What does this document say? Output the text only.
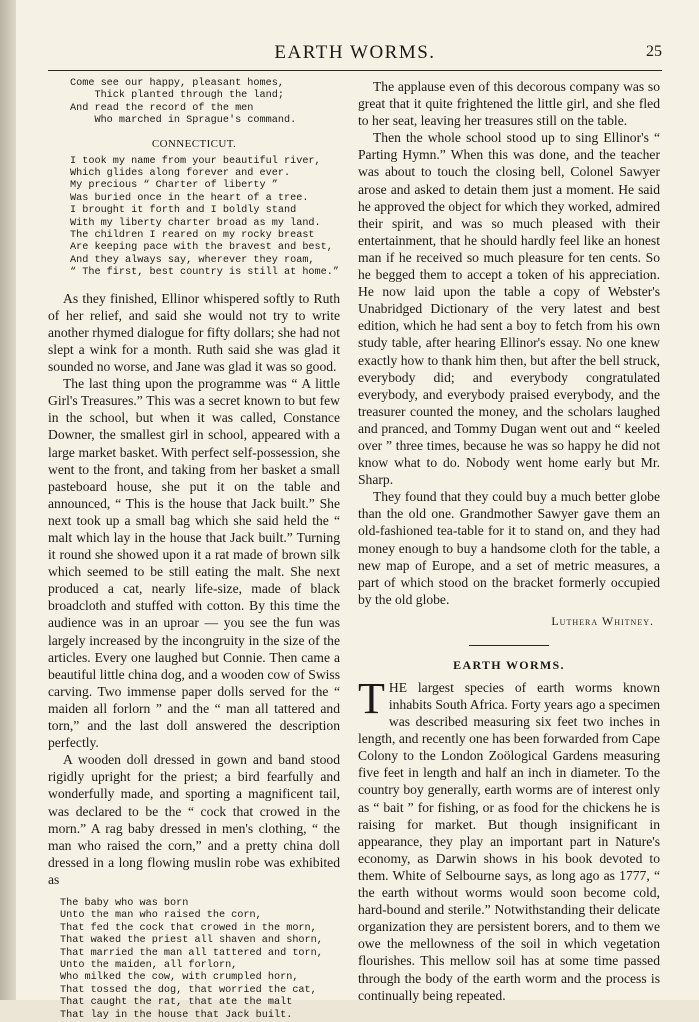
EARTH WORMS.	25
Come see our happy, pleasant homes,
Thick planted through the land;
And read the record of the men
Who marched in Sprague's command.
CONNECTICUT.
I took my name from your beautiful river,
Which glides along forever and ever.
My precious “ Charter of liberty ”
Was buried once in the heart of a tree.
I brought it forth and I boldly stand
With my liberty charter broad as my land.
The children I reared on my rocky breast
Are keeping pace with the bravest and best,
And they always say, wherever they roam,
“ The first, best country is still at home.”

As they finished, Ellinor whispered softly to Ruth of her relief, and said she would not try to write another rhymed dialogue for fifty dollars; she had not slept a wink for a month. Ruth said she was glad it sounded no worse, and Jane was glad it was so good.

The last thing upon the programme was “ A little Girl's Treasures.” This was a secret known to but few in the school, but when it was called, Constance Downer, the smallest girl in school, appeared with a large market basket. With perfect self-possession, she went to the front, and taking from her basket a small pasteboard house, she put it on the table and announced, “ This is the house that Jack built.” She next took up a small bag which she said held the “ malt which lay in the house that Jack built.” Turning it round she showed upon it a rat made of brown silk which seemed to be still eating the malt. She next produced a cat, nearly life-size, made of black broadcloth and stuffed with cotton. By this time the audience was in an uproar — you see the fun was largely increased by the incongruity in the size of the articles. Every one laughed but Connie. Then came a beautiful little china dog, and a wooden cow of Swiss carving. Two immense paper dolls served for the “ maiden all forlorn ” and the “ man all tattered and torn,” and the last doll answered the description perfectly.

A wooden doll dressed in gown and band stood rigidly upright for the priest; a bird fearfully and wonderfully made, and sporting a magnificent tail, was declared to be the “ cock that crowed in the morn.” A rag baby dressed in men's clothing, “ the man who raised the corn,” and a pretty china doll dressed in a long flowing muslin robe was exhibited as

The baby who was born
Unto the man who raised the corn,
That fed the cock that crowed in the morn,
That waked the priest all shaven and shorn,
That married the man all tattered and torn,
Unto the maiden, all forlorn,
Who milked the cow, with crumpled horn,
That tossed the dog, that worried the cat,
That caught the rat, that ate the malt
That lay in the house that Jack built.

The applause even of this decorous company was so great that it quite frightened the little girl, and she fled to her seat, leaving her treasures still on the table.

Then the whole school stood up to sing Ellinor's “ Parting Hymn.” When this was done, and the teacher was about to touch the closing bell, Colonel Sawyer arose and asked to detain them just a moment. He said he approved the object for which they worked, admired their spirit, and was so much pleased with their entertainment, that he should hardly feel like an honest man if he received so much pleasure for ten cents. So he begged them to accept a token of his appreciation. He now laid upon the table a copy of Webster's Unabridged Dictionary of the very latest and best edition, which he had sent a boy to fetch from his own study table, after hearing Ellinor's essay. No one knew exactly how to thank him then, but after the bell struck, everybody did; and everybody congratulated everybody, and everybody praised everybody, and the treasurer counted the money, and the scholars laughed and pranced, and Tommy Dugan went out and “ keeled over ” three times, because he was so happy he did not know what to do. Nobody went home early but Mr. Sharp.

They found that they could buy a much better globe than the old one. Grandmother Sawyer gave them an old-fashioned tea-table for it to stand on, and they had money enough to buy a handsome cloth for the table, a new map of Europe, and a set of metric measures, a part of which stood on the bracket formerly occupied by the old globe.

Luthera Whitney.
EARTH WORMS.
T HE largest species of earth worms known inhabits South Africa. Forty years ago a specimen was described measuring six feet two inches in length, and recently one has been forwarded from Cape Colony to the London Zoölogical Gardens measuring five feet in length and half an inch in diameter. To the country boy generally, earth worms are of interest only as “ bait ” for fishing, or as food for the chickens he is raising for market. But though insignificant in appearance, they play an important part in Nature's economy, as Darwin shows in his book devoted to them. White of Selbourne says, as long ago as 1777, “ the earth without worms would soon become cold, hard-bound and sterile.” Notwithstanding their delicate organization they are persistent borers, and to them we owe the mellowness of the soil in which vegetation flourishes. This mellow soil has at some time passed through the body of the earth worm and the process is continually being repeated.
